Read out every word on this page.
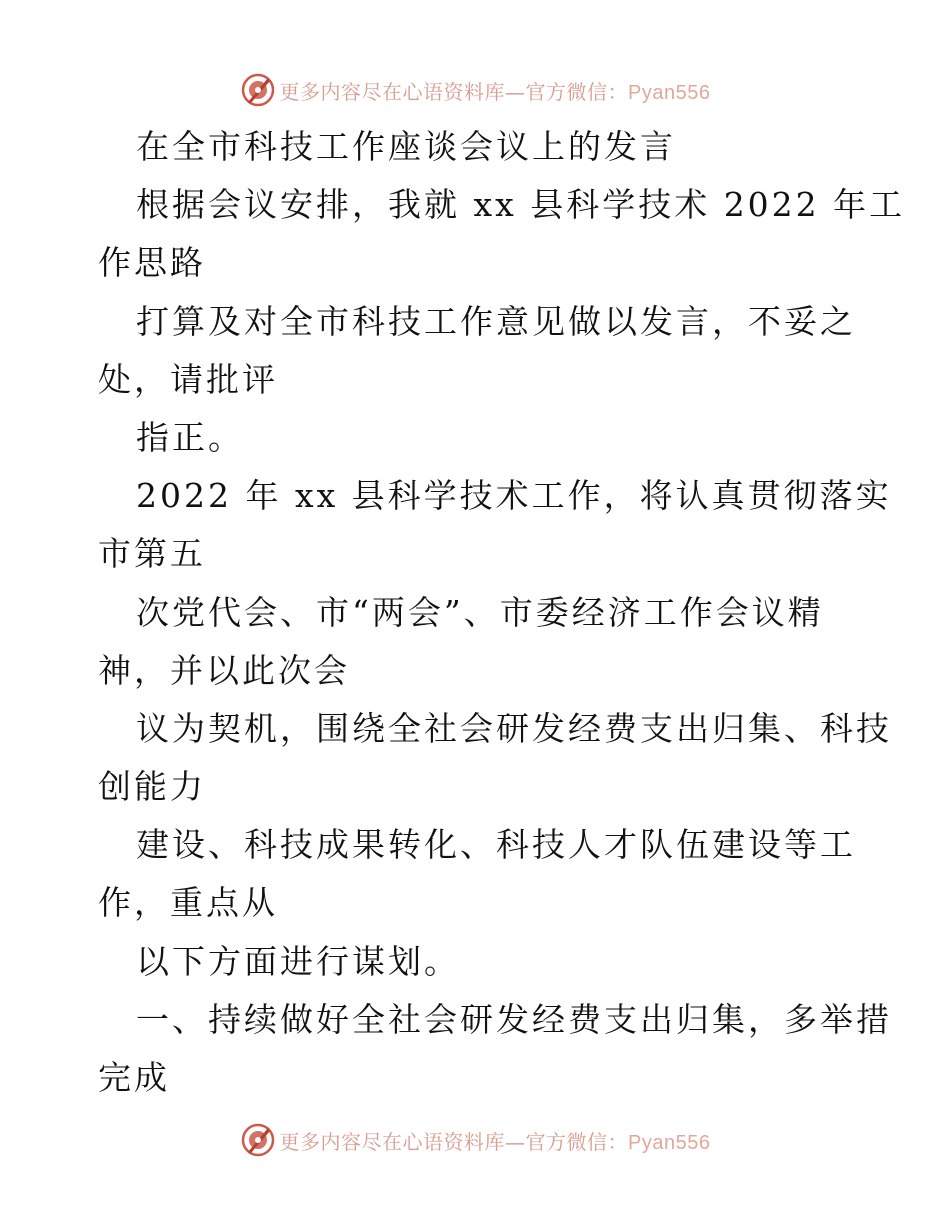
更多内容尽在心语资料库—官方微信：Pyan556
在全市科技工作座谈会议上的发言
根据会议安排，我就 xx 县科学技术 2022 年工
作思路
打算及对全市科技工作意见做以发言，不妥之
处，请批评
指正。
2022 年 xx 县科学技术工作，将认真贯彻落实
市第五
次党代会、市“两会”、市委经济工作会议精
神，并以此次会
议为契机，围绕全社会研发经费支出归集、科技
创能力
建设、科技成果转化、科技人才队伍建设等工
作，重点从
以下方面进行谋划。
一、持续做好全社会研发经费支出归集，多举措
完成
更多内容尽在心语资料库—官方微信：Pyan556
